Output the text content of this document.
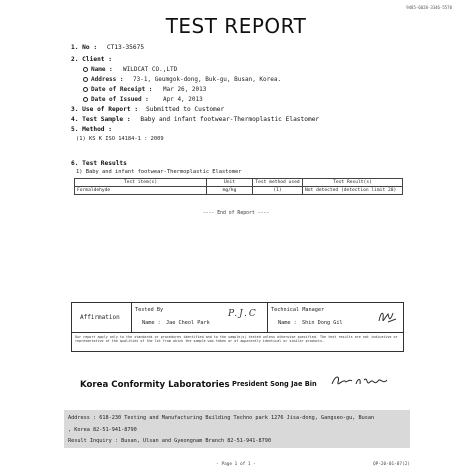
9485-6028-3346-5570
TEST REPORT
1. No : CT13-35675
2. Client :
Name : WILDCAT CO.,LTD
Address : 73-1, Geumgok-dong, Buk-gu, Busan, Korea.
Date of Receipt : Mar 26, 2013
Date of Issued : Apr 4, 2013
3. Use of Report : Submitted to Customer
4. Test Sample : Baby and infant footwear-Thermoplastic Elastomer
5. Method :
(1) KS K ISO 14184-1 : 2009
6. Test Results
1) Baby and infant footwear-Thermoplastic Elastomer
Test item(s)	Unit	Test method used	Test Result(s)
Formaldehyde	mg/kg	(1)	Not detected (detection limit 20)
---- End of Report ----
Affirmation
Tested By
Name : Jae Cheol Park
P.J.C	Technical Manager
Name : Shin Dong Gil
Our report apply only to the standards or procedures identified and to the sample(s) tested unless otherwise specified. The test results are not indicative or representative of the qualities of the lot from which the sample was taken or of apparently identical or similar products.
Korea Conformity Laboratories President Song Jae Bin
Address : 618-230 Testing and Manufacturing Building Techno park 1276 Jisa-dong, Gangseo-gu, Busan
, Korea 82-51-941-8790
Result Inquiry : Busan, Ulsan and Gyeongnam Branch 82-51-941-8790
- Page 1 of 1 -	QP-20-01-07(2)
